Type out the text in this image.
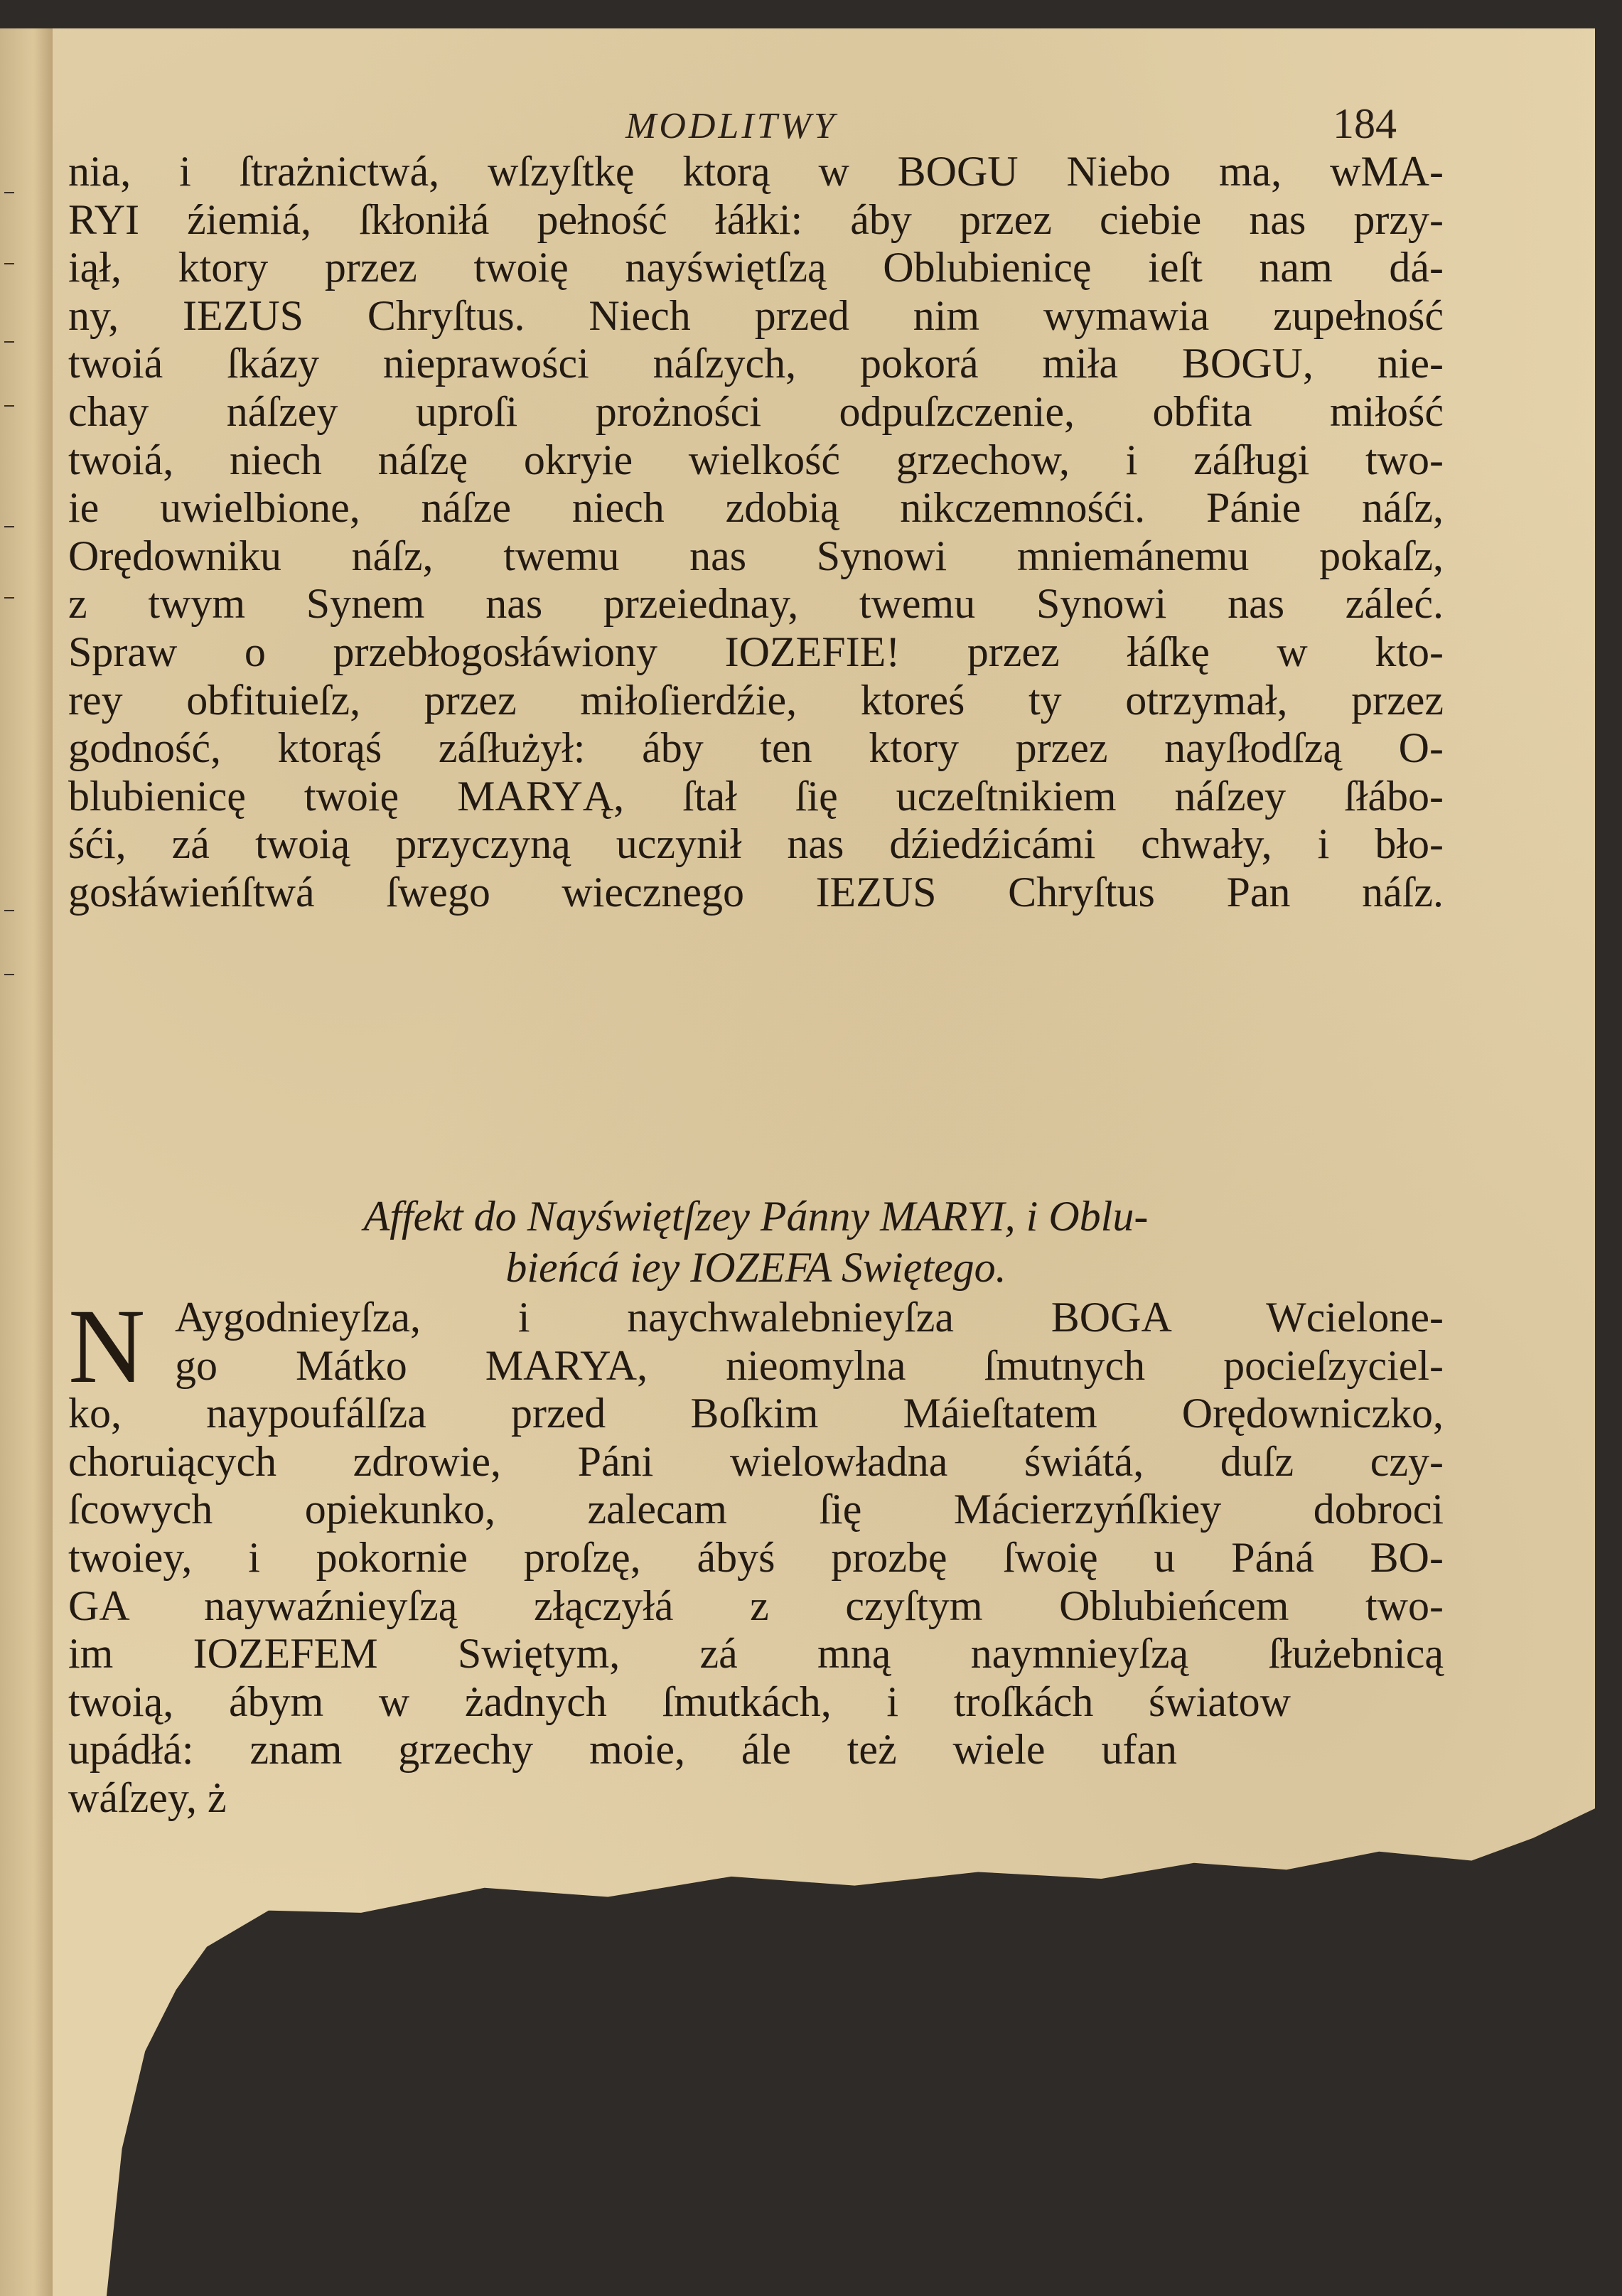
MODLITWY	184
nia, i ſtrażnictwá, wſzyſtkę ktorą w BOGU Niebo ma, wMA-
RYI źiemiá, ſkłoniłá pełność łáłki: áby przez ciebie nas przy-
iął, ktory przez twoię nayświętſzą Oblubienicę ieſt nam dá-
ny, IEZUS Chryſtus. Niech przed nim wymawia zupełność
twoiá ſkázy nieprawości náſzych, pokorá miła BOGU, nie-
chay náſzey uproſi prożności odpuſzczenie, obfita miłość
twoiá, niech náſzę okryie wielkość grzechow, i záſługi two-
ie uwielbione, náſze niech zdobią nikczemnośći. Pánie náſz,
Orędowniku náſz, twemu nas Synowi mniemánemu pokaſz,
z twym Synem nas przeiednay, twemu Synowi nas záleć.
Spraw o przebłogosłáwiony IOZEFIE! przez łáſkę w kto-
rey obfituieſz, przez miłoſierdźie, ktoreś ty otrzymał, przez
godność, ktorąś záſłużył: áby ten ktory przez nayſłodſzą O-
blubienicę twoię MARYĄ, ſtał ſię uczeſtnikiem náſzey ſłábo-
śći, zá twoią przyczyną uczynił nas dźiedźicámi chwały, i bło-
gosłáwieńſtwá ſwego wiecznego IEZUS Chryſtus Pan náſz.
Affekt do Nayświętſzey Pánny MARYI, i Oblu-
bieńcá iey IOZEFA Swiętego.
N Aygodnieyſza, i naychwalebnieyſza BOGA Wcielone-
go Mátko MARYA, nieomylna ſmutnych pocieſzyciel-
ko, naypoufálſza przed Boſkim Máieſtatem Orędowniczko,
choruiących zdrowie, Páni wielowładna świátá, duſz czy-
ſcowych opiekunko, zalecam ſię Mácierzyńſkiey dobroci
twoiey, i pokornie proſzę, ábyś prozbę ſwoię u Páná BO-
GA naywaźnieyſzą złączyłá z czyſtym Oblubieńcem two-
im IOZEFEM Swiętym, zá mną naymnieyſzą ſłużebnicą
twoią, ábym w żadnych ſmutkách, i troſkách światow
upádłá: znam grzechy moie, ále też wiele ufan
wáſzey, ż
